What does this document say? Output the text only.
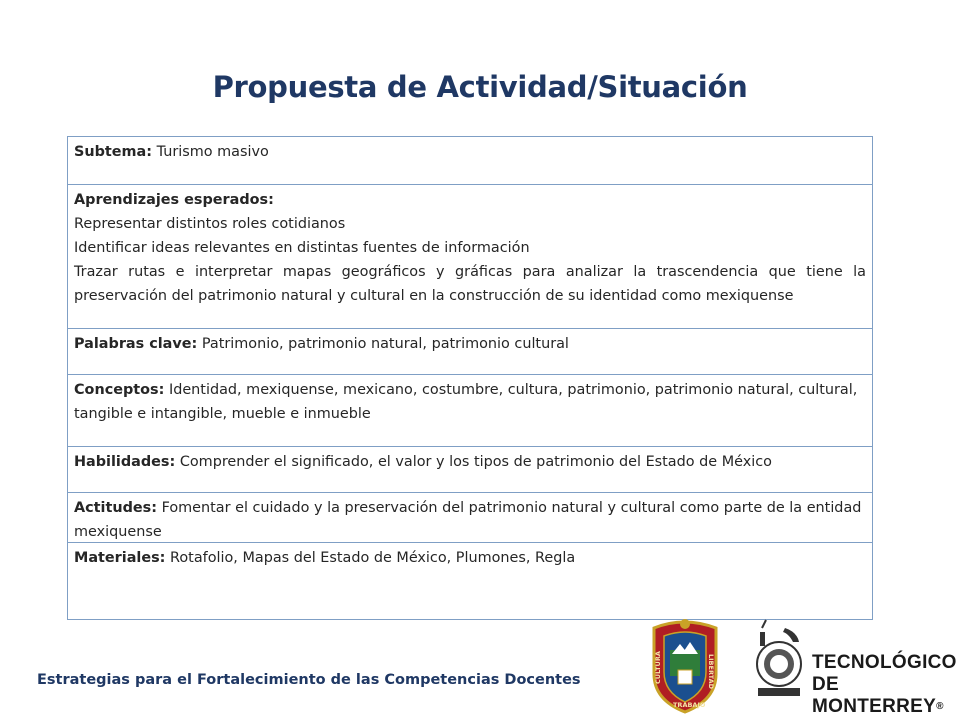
Propuesta de Actividad/Situación
Subtema: Turismo masivo
Aprendizajes esperados:
Representar distintos roles cotidianos
Identificar ideas relevantes en distintas fuentes de información
Trazar rutas e interpretar mapas geográficos y gráficas para analizar la trascendencia que tiene la preservación del patrimonio natural y cultural en la construcción de su identidad como mexiquense
Palabras clave: Patrimonio, patrimonio natural, patrimonio cultural
Conceptos: Identidad, mexiquense, mexicano, costumbre, cultura, patrimonio, patrimonio natural, cultural, tangible e intangible, mueble e inmueble
Habilidades: Comprender el significado, el valor y los tipos de patrimonio del Estado de México
Actitudes: Fomentar el cuidado y la preservación del patrimonio natural y cultural como parte de la entidad mexiquense
Materiales: Rotafolio, Mapas del Estado de México, Plumones, Regla
Estrategias para el Fortalecimiento de las Competencias Docentes	LIBERTAD
TRABAJO
CULTURA	TECNOLÓGICO
DE MONTERREY®
